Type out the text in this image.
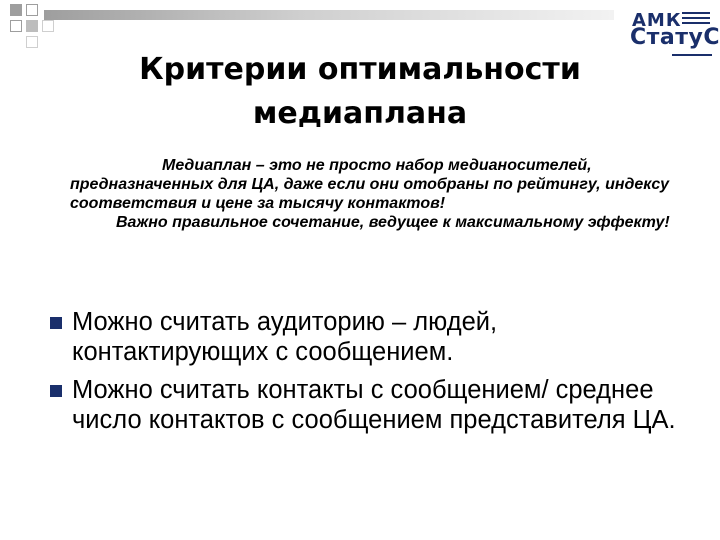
АМК
СтатуС
Критерии оптимальности
медиаплана

Медиаплан – это не просто набор медианосителей, предназначенных для ЦА, даже если они отобраны по рейтингу, индексу соответствия и цене за тысячу контактов!

Важно правильное сочетание, ведущее к максимальному эффекту!

Можно считать аудиторию – людей, контактирующих с сообщением.
Можно считать контакты с сообщением/ среднее число контактов с сообщением представителя ЦА.
